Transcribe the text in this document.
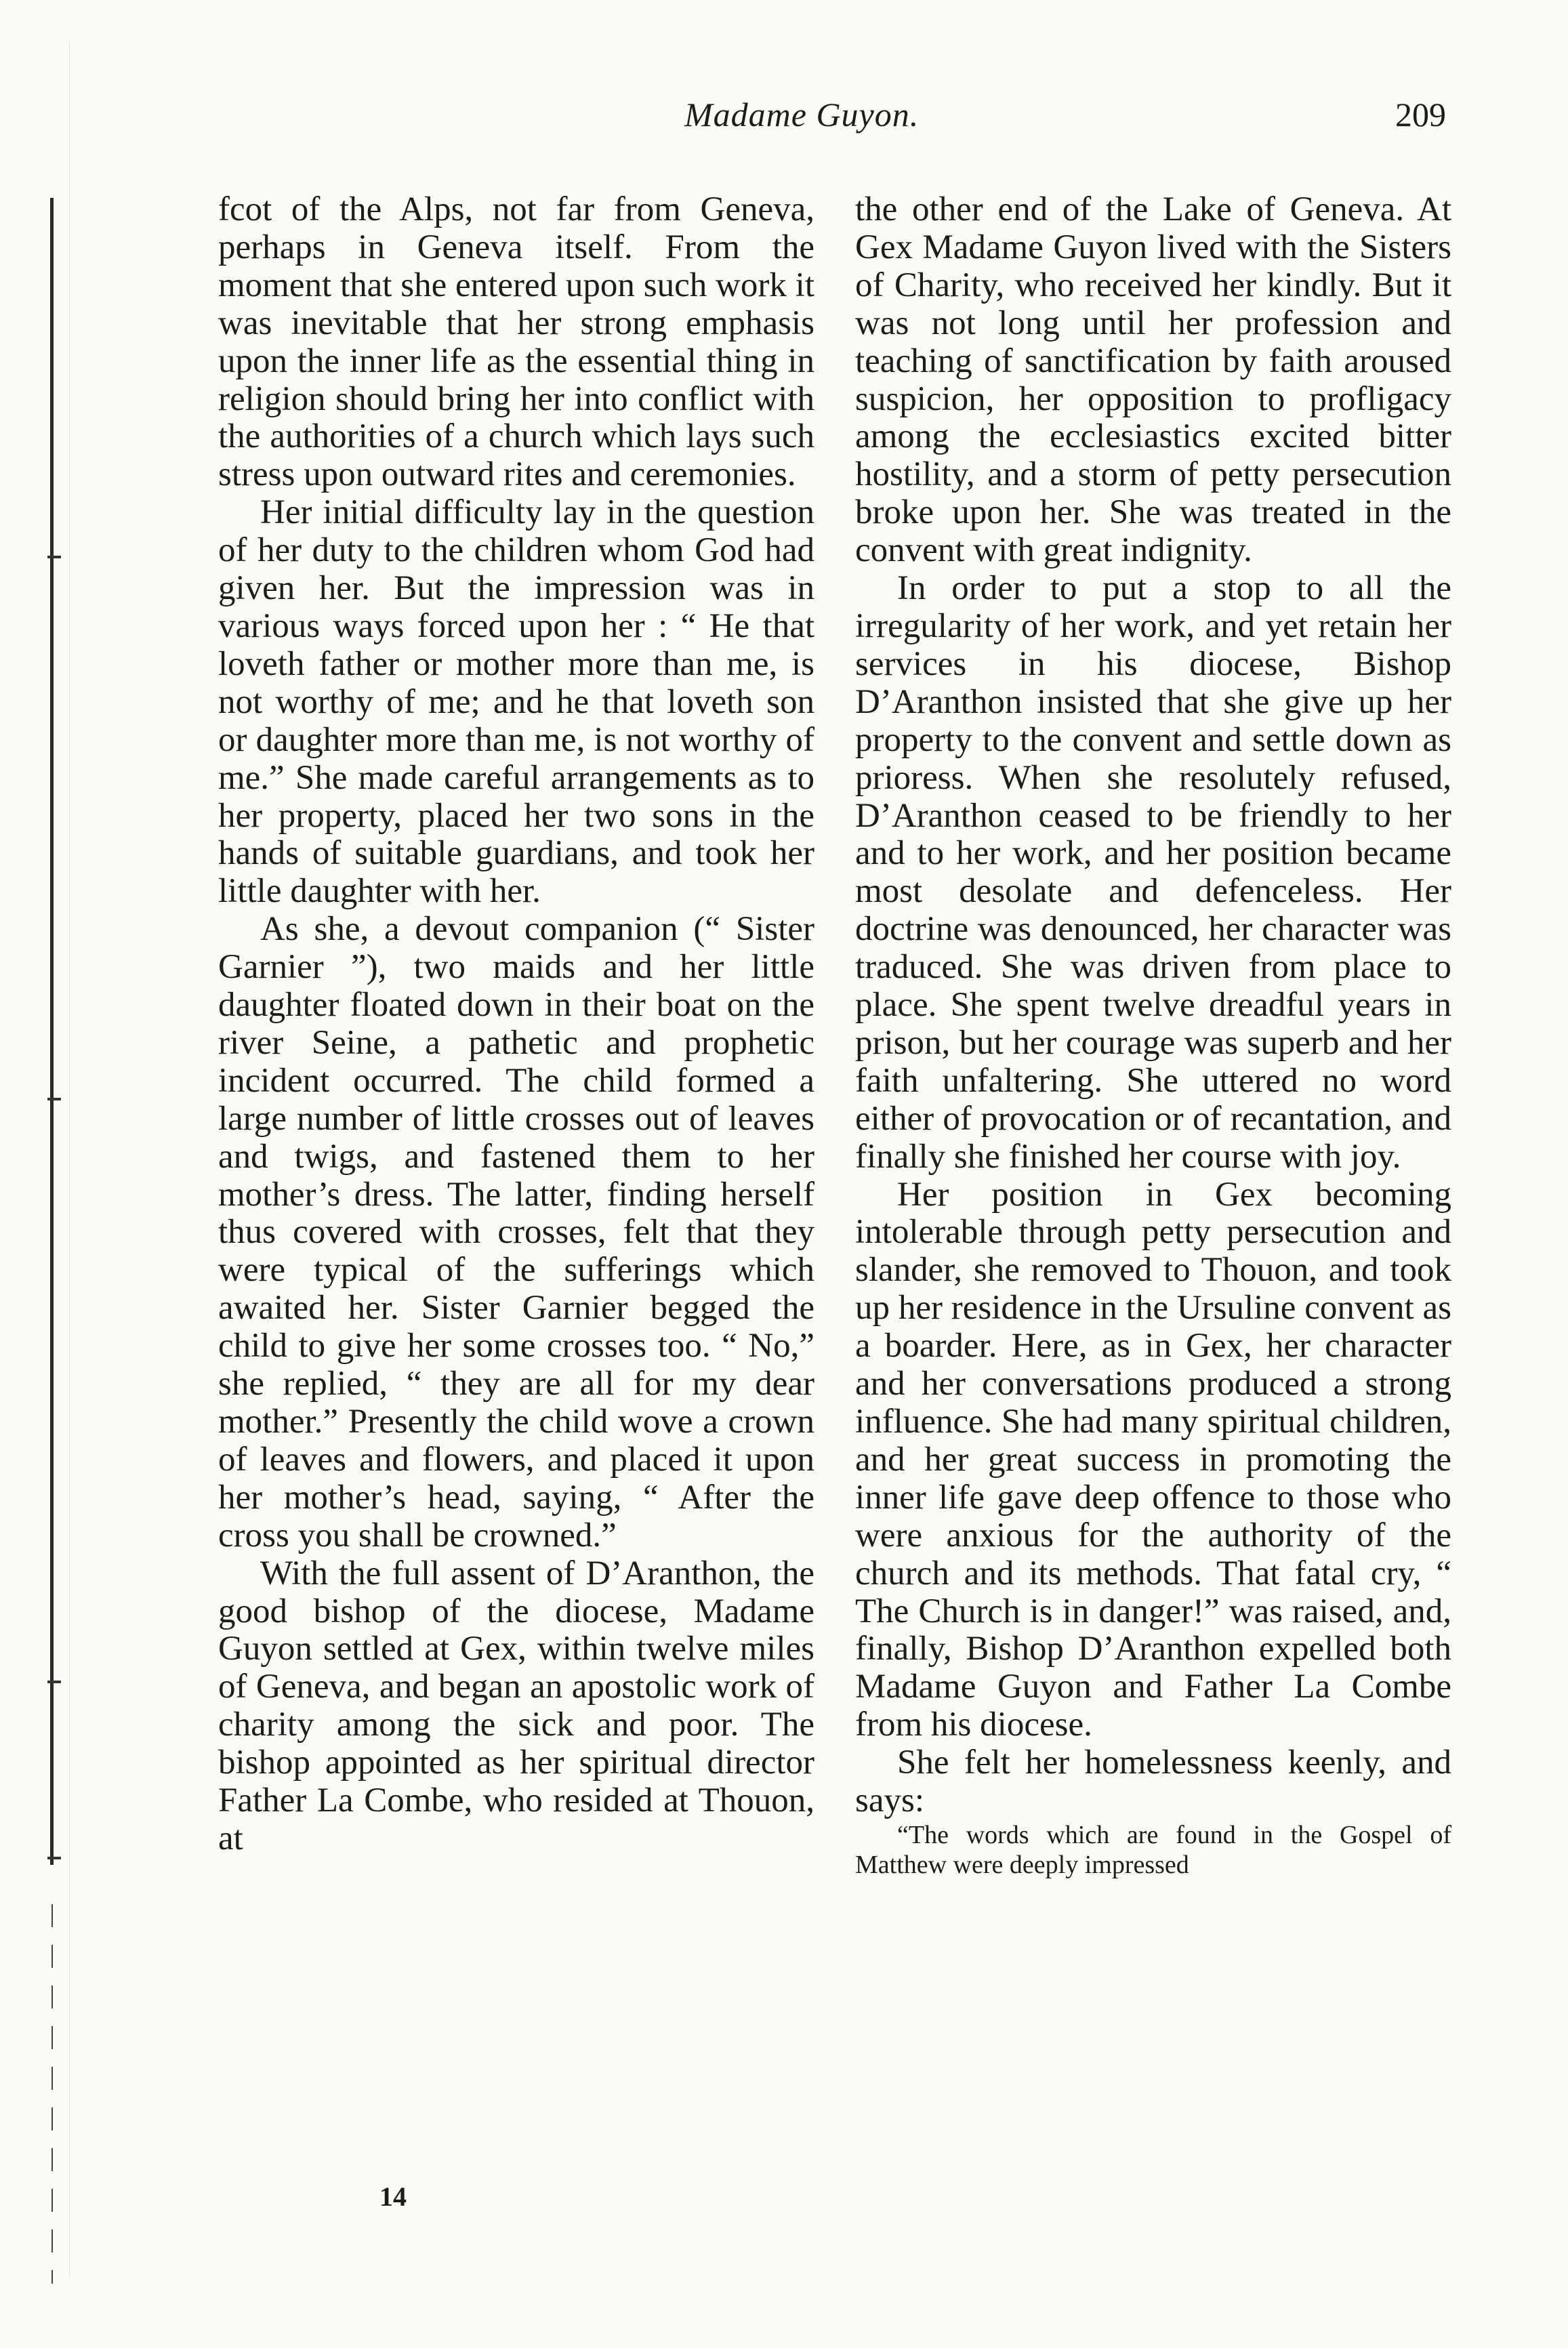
Madame Guyon.	209

fcot of the Alps, not far from Geneva, perhaps in Geneva itself. From the moment that she entered upon such work it was inevitable that her strong emphasis upon the inner life as the essential thing in religion should bring her into conflict with the authorities of a church which lays such stress upon outward rites and ceremonies.

Her initial difficulty lay in the question of her duty to the children whom God had given her. But the impression was in various ways forced upon her : “ He that loveth father or mother more than me, is not worthy of me; and he that loveth son or daughter more than me, is not worthy of me.” She made careful arrangements as to her property, placed her two sons in the hands of suitable guardians, and took her little daughter with her.

As she, a devout companion (“ Sister Garnier ”), two maids and her little daughter floated down in their boat on the river Seine, a pathetic and prophetic incident occurred. The child formed a large number of little crosses out of leaves and twigs, and fastened them to her mother’s dress. The latter, finding herself thus covered with crosses, felt that they were typical of the sufferings which awaited her. Sister Garnier begged the child to give her some crosses too. “ No,” she replied, “ they are all for my dear mother.” Presently the child wove a crown of leaves and flowers, and placed it upon her mother’s head, saying, “ After the cross you shall be crowned.”

With the full assent of D’Aranthon, the good bishop of the diocese, Madame Guyon settled at Gex, within twelve miles of Geneva, and began an apostolic work of charity among the sick and poor. The bishop appointed as her spiritual director Father La Combe, who resided at Thouon, at

the other end of the Lake of Geneva. At Gex Madame Guyon lived with the Sisters of Charity, who received her kindly. But it was not long until her profession and teaching of sanctification by faith aroused suspicion, her opposition to profligacy among the ecclesiastics excited bitter hostility, and a storm of petty persecution broke upon her. She was treated in the convent with great indignity.

In order to put a stop to all the irregularity of her work, and yet retain her services in his diocese, Bishop D’Aranthon insisted that she give up her property to the convent and settle down as prioress. When she resolutely refused, D’Aranthon ceased to be friendly to her and to her work, and her position became most desolate and defenceless. Her doctrine was denounced, her character was traduced. She was driven from place to place. She spent twelve dreadful years in prison, but her courage was superb and her faith unfaltering. She uttered no word either of provocation or of recantation, and finally she finished her course with joy.

Her position in Gex becoming intolerable through petty persecution and slander, she removed to Thouon, and took up her residence in the Ursuline convent as a boarder. Here, as in Gex, her character and her conversations produced a strong influence. She had many spiritual children, and her great success in promoting the inner life gave deep offence to those who were anxious for the authority of the church and its methods. That fatal cry, “ The Church is in danger!” was raised, and, finally, Bishop D’Aranthon expelled both Madame Guyon and Father La Combe from his diocese.

She felt her homelessness keenly, and says:

“The words which are found in the Gospel of Matthew were deeply impressed

14
